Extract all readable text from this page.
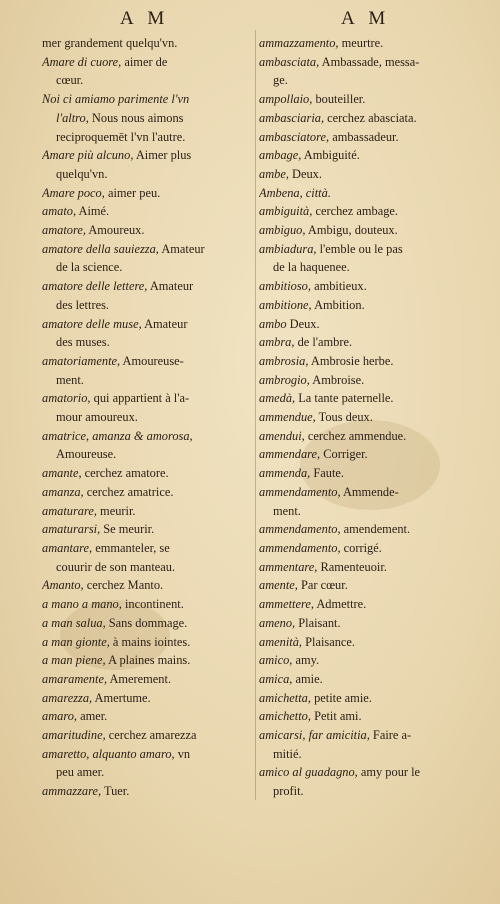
A M	A M
mer grandement quelqu'vn.
Amare di cuore, aimer de
cœur.
Noi ci amiamo parimente l'vn
l'altro, Nous nous aimons
reciproquemēt l'vn l'autre.
Amare più alcuno, Aimer plus
quelqu'vn.
Amare poco, aimer peu.
amato, Aimé.
amatore, Amoureux.
amatore della sauiezza, Amateur
de la science.
amatore delle lettere, Amateur
des lettres.
amatore delle muse, Amateur
des muses.
amatoriamente, Amoureuse-
ment.
amatorio, qui appartient à l'a-
mour amoureux.
amatrice, amanza & amorosa,
Amoureuse.
amante, cerchez amatore.
amanza, cerchez amatrice.
amaturare, meurir.
amaturarsi, Se meurir.
amantare, emmanteler, se
couurir de son manteau.
Amanto, cerchez Manto.
a mano a mano, incontinent.
a man salua, Sans dommage.
a man gionte, à mains iointes.
a man piene, A plaines mains.
amaramente, Amerement.
amarezza, Amertume.
amaro, amer.
amaritudine, cerchez amarezza
amaretto, alquanto amaro, vn
peu amer.
ammazzare, Tuer.
ammazzamento, meurtre.
ambasciata, Ambassade, messa-
ge.
ampollaio, bouteiller.
ambasciaria, cerchez abasciata.
ambasciatore, ambassadeur.
ambage, Ambiguité.
ambe, Deux.
Ambena, città.
ambiguità, cerchez ambage.
ambiguo, Ambigu, douteux.
ambiadura, l'emble ou le pas
de la haquenee.
ambitioso, ambitieux.
ambitione, Ambition.
ambo Deux.
ambra, de l'ambre.
ambrosia, Ambrosie herbe.
ambrogio, Ambroise.
amedà, La tante paternelle.
ammendue, Tous deux.
amendui, cerchez ammendue.
ammendare, Corriger.
ammenda, Faute.
ammendamento, Ammende-
ment.
ammendamento, amendement.
ammendamento, corrigé.
ammentare, Ramenteuoir.
amente, Par cœur.
ammettere, Admettre.
ameno, Plaisant.
amenità, Plaisance.
amico, amy.
amica, amie.
amichetta, petite amie.
amichetto, Petit ami.
amicarsi, far amicitia, Faire a-
mitié.
amico al guadagno, amy pour le
profit.
